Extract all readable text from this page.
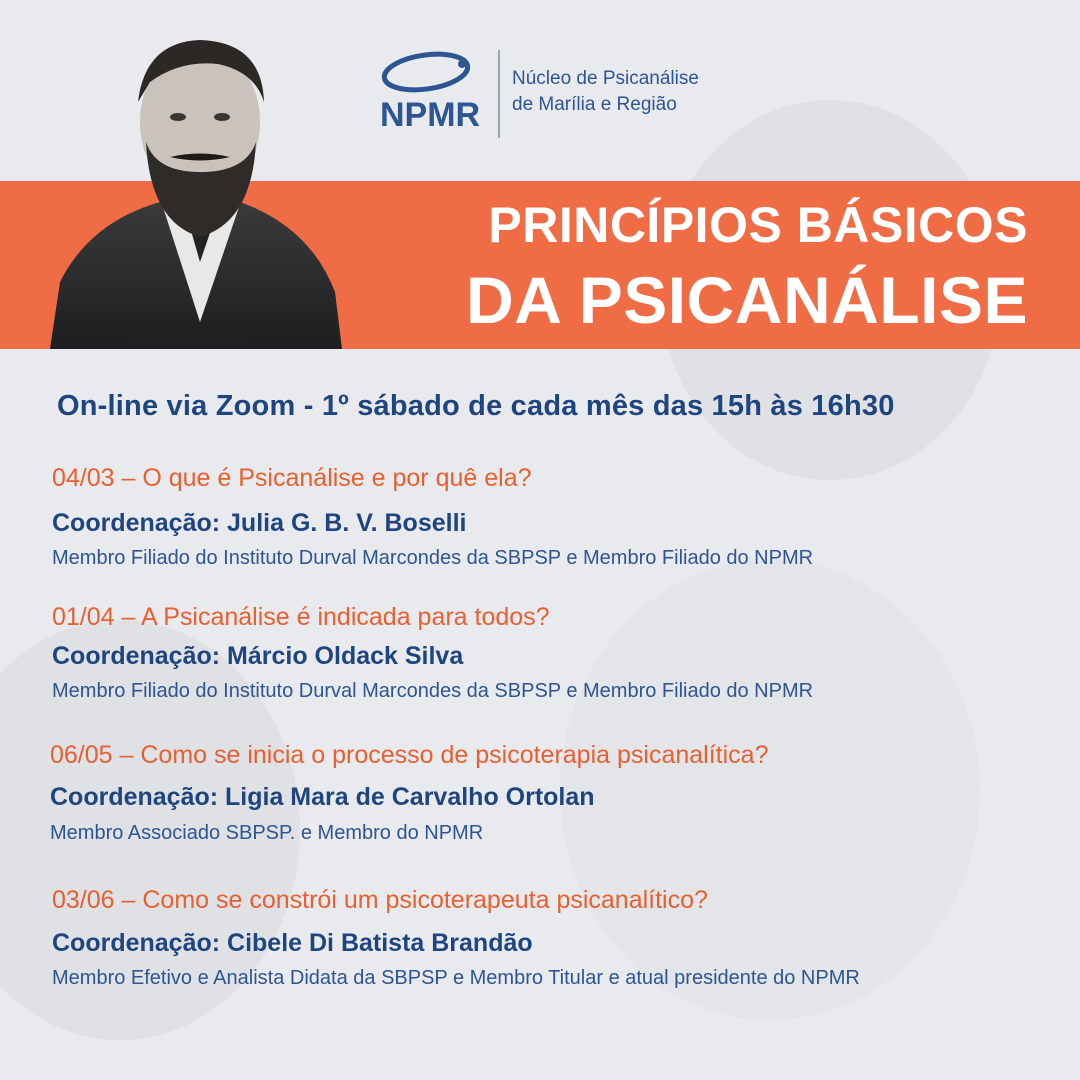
NPMR
Núcleo de Psicanálise
de Marília e Região
PRINCÍPIOS BÁSICOS
DA PSICANÁLISE
On-line via Zoom - 1º sábado de cada mês das 15h às 16h30
04/03 – O que é Psicanálise e por quê ela?
Coordenação: Julia G. B. V. Boselli
Membro Filiado do Instituto Durval Marcondes da SBPSP e Membro Filiado do NPMR
01/04 – A Psicanálise é indicada para todos?
Coordenação: Márcio Oldack Silva
Membro Filiado do Instituto Durval Marcondes da SBPSP e Membro Filiado do NPMR
06/05 – Como se inicia o processo de psicoterapia psicanalítica?
Coordenação: Ligia Mara de Carvalho Ortolan
Membro Associado SBPSP. e Membro do NPMR
03/06 – Como se constrói um psicoterapeuta psicanalítico?
Coordenação: Cibele Di Batista Brandão
Membro Efetivo e Analista Didata da SBPSP e Membro Titular e atual presidente do NPMR
